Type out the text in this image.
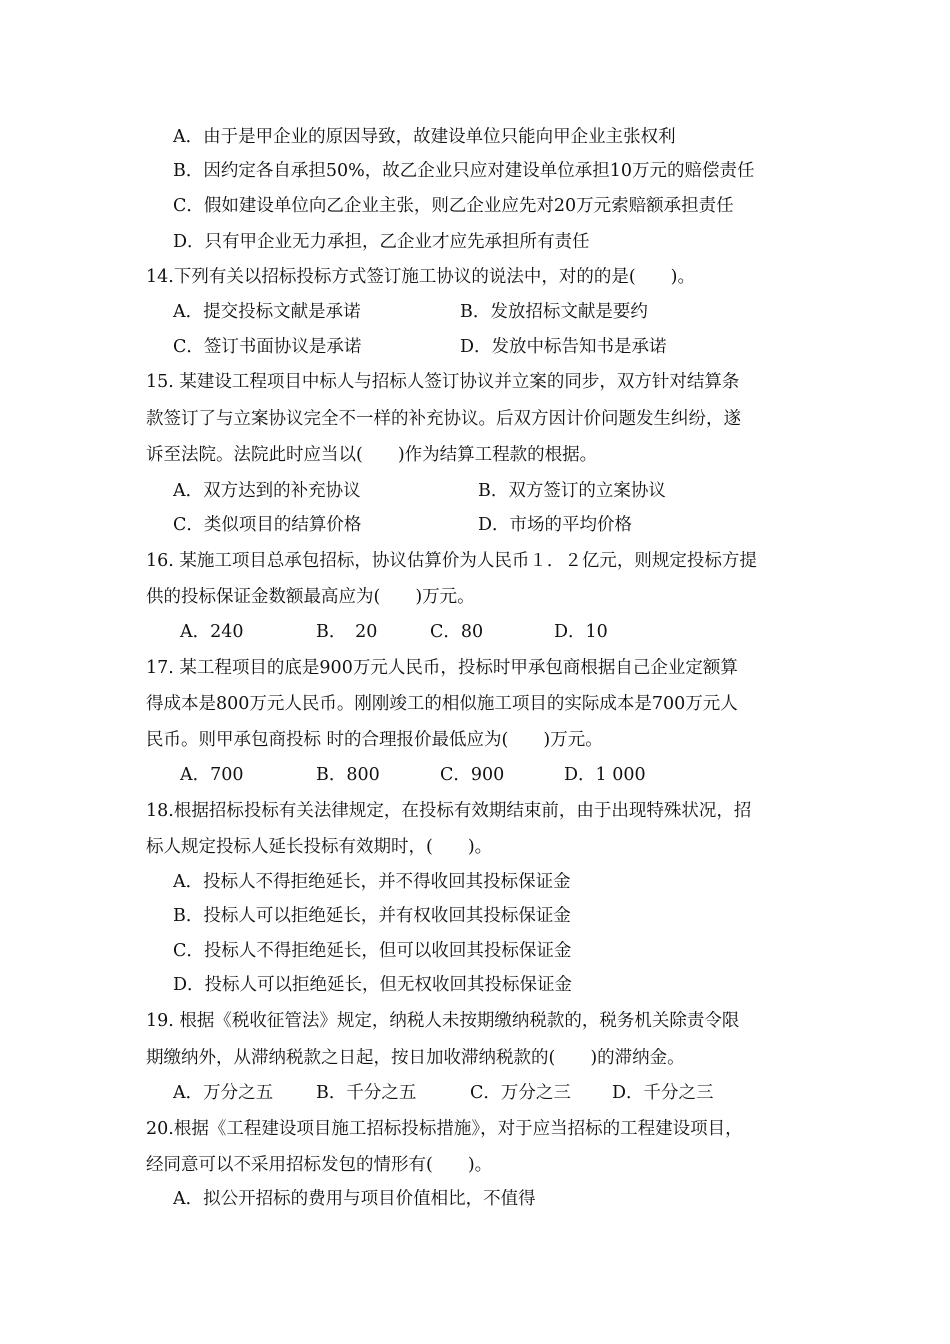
A．由于是甲企业的原因导致，故建设单位只能向甲企业主张权利
B．因约定各自承担50%，故乙企业只应对建设单位承担10万元的赔偿责任
C．假如建设单位向乙企业主张，则乙企业应先对20万元索赔额承担责任
D．只有甲企业无力承担，乙企业才应先承担所有责任
14.下列有关以招标投标方式签订施工协议的说法中，对的的是(　　)。
A．提交投标文献是承诺	B．发放招标文献是要约
C．签订书面协议是承诺	D．发放中标告知书是承诺
15. 某建设工程项目中标人与招标人签订协议并立案的同步，双方针对结算条
款签订了与立案协议完全不一样的补充协议。后双方因计价问题发生纠纷，遂
诉至法院。法院此时应当以(　　)作为结算工程款的根据。
A．双方达到的补充协议	B．双方签订的立案协议
C．类似项目的结算价格	D．市场的平均价格
16. 某施工项目总承包招标，协议估算价为人民币１．２亿元，则规定投标方提
供的投标保证金数额最高应为(　　)万元。
A．240	B．　20	C．80	D．10
17. 某工程项目的底是900万元人民币，投标时甲承包商根据自己企业定额算
得成本是800万元人民币。刚刚竣工的相似施工项目的实际成本是700万元人
民币。则甲承包商投标 时的合理报价最低应为(　　)万元。
A．700	B．800	C．900	D．1 000
18.根据招标投标有关法律规定，在投标有效期结束前，由于出现特殊状况，招
标人规定投标人延长投标有效期时，(　　)。
A．投标人不得拒绝延长，并不得收回其投标保证金
B．投标人可以拒绝延长，并有权收回其投标保证金
C．投标人不得拒绝延长，但可以收回其投标保证金
D．投标人可以拒绝延长，但无权收回其投标保证金
19. 根据《税收征管法》规定，纳税人未按期缴纳税款的，税务机关除责令限
期缴纳外，从滞纳税款之日起，按日加收滞纳税款的(　　)的滞纳金。
A．万分之五 B．千分之五	C．万分之三 D．千分之三
20.根据《工程建设项目施工招标投标措施》，对于应当招标的工程建设项目，
经同意可以不采用招标发包的情形有(　　)。
A．拟公开招标的费用与项目价值相比，不值得
